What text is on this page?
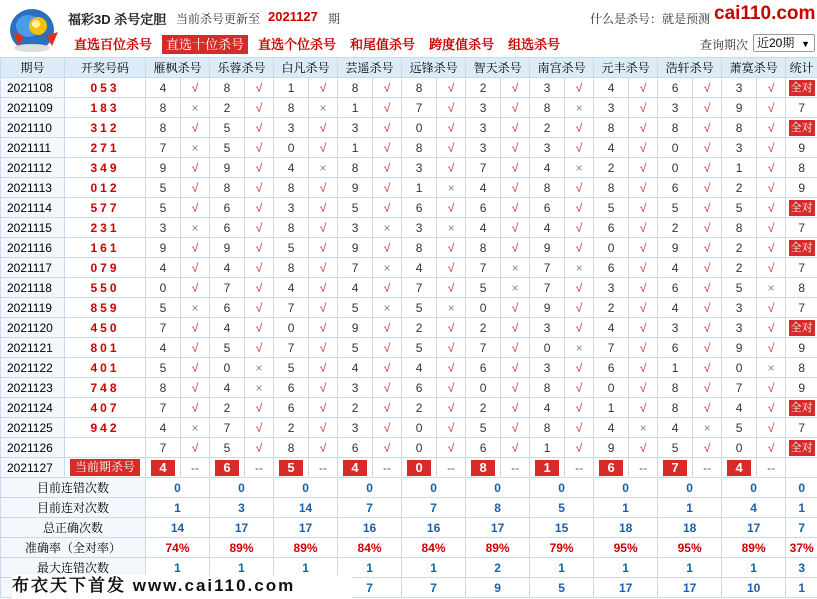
福彩3D 杀号定胆 当前杀号更新至 2021127 期	什么是杀号：就是预测 cai110.com
直选百位杀号	直选十位杀号	直选个位杀号	和尾值杀号	跨度值杀号	组选杀号	查询期次 近20期 ▼
期号	开奖号码	雁枫杀号		乐蓉杀号		白凡杀号		芸遥杀号		远锋杀号		智天杀号		南宫杀号		元丰杀号		浩轩杀号		萧寞杀号		统计
2021108	053	4	√	8	√	1	√	8	√	8	√	2	√	3	√	4	√	6	√	3	√	全对
2021109	183	8	×	2	√	8	×	1	√	7	√	3	√	8	×	3	√	3	√	9	√	7
2021110	312	8	√	5	√	3	√	3	√	0	√	3	√	2	√	8	√	8	√	8	√	全对
2021111	271	7	×	5	√	0	√	1	√	8	√	3	√	3	√	4	√	0	√	3	√	9
2021112	349	9	√	9	√	4	×	8	√	3	√	7	√	4	×	2	√	0	√	1	√	8
2021113	012	5	√	8	√	8	√	9	√	1	×	4	√	8	√	8	√	6	√	2	√	9
2021114	577	5	√	6	√	3	√	5	√	6	√	6	√	6	√	5	√	5	√	5	√	全对
2021115	231	3	×	6	√	8	√	3	×	3	×	4	√	4	√	6	√	2	√	8	√	7
2021116	161	9	√	9	√	5	√	9	√	8	√	8	√	9	√	0	√	9	√	2	√	全对
2021117	079	4	√	4	√	8	√	7	×	4	√	7	×	7	×	6	√	4	√	2	√	7
2021118	550	0	√	7	√	4	√	4	√	7	√	5	×	7	√	3	√	6	√	5	×	8
2021119	859	5	×	6	√	7	√	5	×	5	×	0	√	9	√	2	√	4	√	3	√	7
2021120	450	7	√	4	√	0	√	9	√	2	√	2	√	3	√	4	√	3	√	3	√	全对
2021121	801	4	√	5	√	7	√	5	√	5	√	7	√	0	×	7	√	6	√	9	√	9
2021122	401	5	√	0	×	5	√	4	√	4	√	6	√	3	√	6	√	1	√	0	×	8
2021123	748	8	√	4	×	6	√	3	√	6	√	0	√	8	√	0	√	8	√	7	√	9
2021124	407	7	√	2	√	6	√	2	√	2	√	2	√	4	√	1	√	8	√	4	√	全对
2021125	942	4	×	7	√	2	√	3	√	0	√	5	√	8	√	4	×	4	×	5	√	7
2021126		7	√	5	√	8	√	6	√	0	√	6	√	1	√	9	√	5	√	0	√	全对
2021127	当前期杀号	4	--	6	--	5	--	4	--	0	--	8	--	1	--	6	--	7	--	4	--	
目前连错次数		0		0		0		0		0		0		0		0		0		0		0
目前连对次数		1		3		14		7		7		8		5		1		1		4		1
总正确次数		14		17		17		16		16		17		15		18		18		17		7
准确率（全对率）		74%		89%		89%		84%		84%		89%		79%		95%		95%		89%		37%
最大连错次数		1		1		1		1		1		2		1		1		1		1		3
								7		7		9		5		17		17		10		1
布衣天下首发 www.cai110.com
